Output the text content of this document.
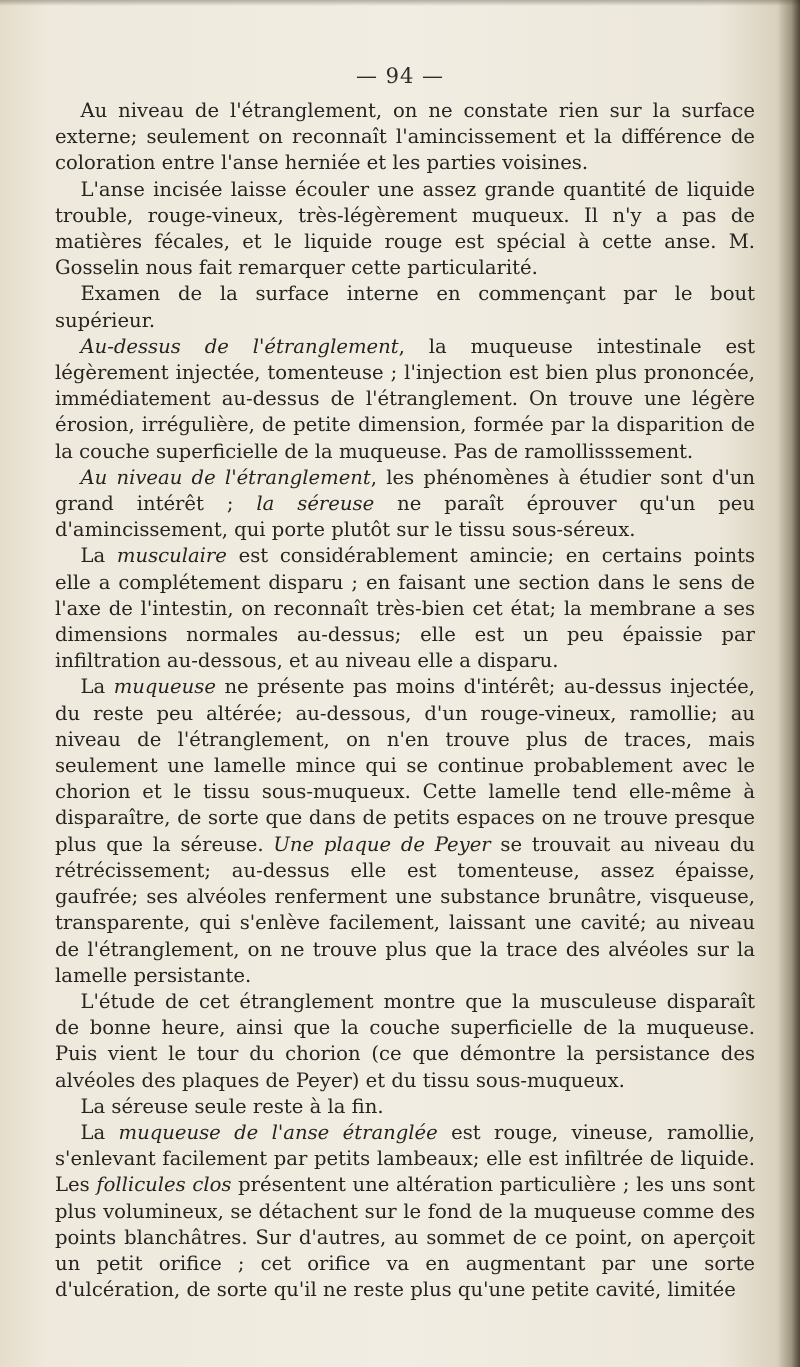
— 94 —

Au niveau de l'étranglement, on ne constate rien sur la surface externe; seulement on reconnaît l'amincissement et la différence de coloration entre l'anse herniée et les parties voisines.

L'anse incisée laisse écouler une assez grande quantité de liquide trouble, rouge-vineux, très-légèrement muqueux. Il n'y a pas de matières fécales, et le liquide rouge est spécial à cette anse. M. Gosselin nous fait remarquer cette particularité.

Examen de la surface interne en commençant par le bout supérieur.

Au-dessus de l'étranglement, la muqueuse intestinale est légèrement injectée, tomenteuse ; l'injection est bien plus prononcée, immédiatement au-dessus de l'étranglement. On trouve une légère érosion, irrégulière, de petite dimension, formée par la disparition de la couche superficielle de la muqueuse. Pas de ramollisssement.

Au niveau de l'étranglement, les phénomènes à étudier sont d'un grand intérêt ; la séreuse ne paraît éprouver qu'un peu d'amincissement, qui porte plutôt sur le tissu sous-séreux.

La musculaire est considérablement amincie; en certains points elle a complétement disparu ; en faisant une section dans le sens de l'axe de l'intestin, on reconnaît très-bien cet état; la membrane a ses dimensions normales au-dessus; elle est un peu épaissie par infiltration au-dessous, et au niveau elle a disparu.

La muqueuse ne présente pas moins d'intérêt; au-dessus injectée, du reste peu altérée; au-dessous, d'un rouge-vineux, ramollie; au niveau de l'étranglement, on n'en trouve plus de traces, mais seulement une lamelle mince qui se continue probablement avec le chorion et le tissu sous-muqueux. Cette lamelle tend elle-même à disparaître, de sorte que dans de petits espaces on ne trouve presque plus que la séreuse. Une plaque de Peyer se trouvait au niveau du rétrécissement; au-dessus elle est tomenteuse, assez épaisse, gaufrée; ses alvéoles renferment une substance brunâtre, visqueuse, transparente, qui s'enlève facilement, laissant une cavité; au niveau de l'étranglement, on ne trouve plus que la trace des alvéoles sur la lamelle persistante.

L'étude de cet étranglement montre que la musculeuse disparaît de bonne heure, ainsi que la couche superficielle de la muqueuse. Puis vient le tour du chorion (ce que démontre la persistance des alvéoles des plaques de Peyer) et du tissu sous-muqueux.

La séreuse seule reste à la fin.

La muqueuse de l'anse étranglée est rouge, vineuse, ramollie, s'enlevant facilement par petits lambeaux; elle est infiltrée de liquide. Les follicules clos présentent une altération particulière ; les uns sont plus volumineux, se détachent sur le fond de la muqueuse comme des points blanchâtres. Sur d'autres, au sommet de ce point, on aperçoit un petit orifice ; cet orifice va en augmentant par une sorte d'ulcération, de sorte qu'il ne reste plus qu'une petite cavité, limitée
